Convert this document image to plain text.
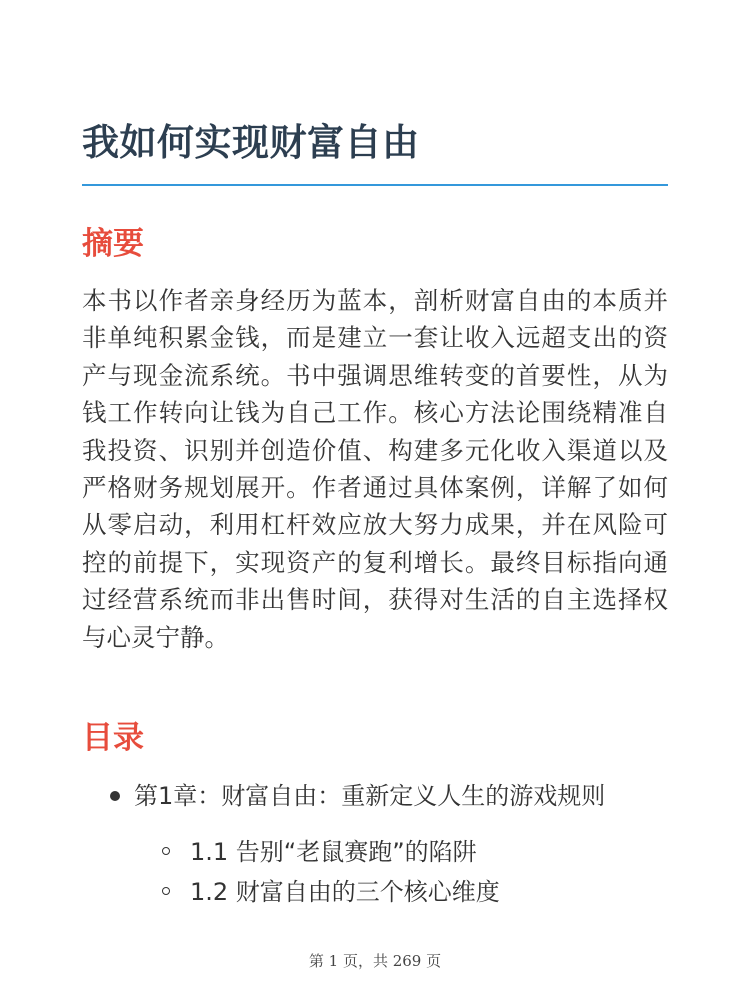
我如何实现财富自由
摘要

本书以作者亲身经历为蓝本，剖析财富自由的本质并非单纯积累金钱，而是建立一套让收入远超支出的资产与现金流系统。书中强调思维转变的首要性，从为钱工作转向让钱为自己工作。核心方法论围绕精准自我投资、识别并创造价值、构建多元化收入渠道以及严格财务规划展开。作者通过具体案例，详解了如何从零启动，利用杠杆效应放大努力成果，并在风险可控的前提下，实现资产的复利增长。最终目标指向通过经营系统而非出售时间，获得对生活的自主选择权与心灵宁静。

目录
第1章：财富自由：重新定义人生的游戏规则
1.1 告别“老鼠赛跑”的陷阱
1.2 财富自由的三个核心维度
第 1 页，共 269 页
